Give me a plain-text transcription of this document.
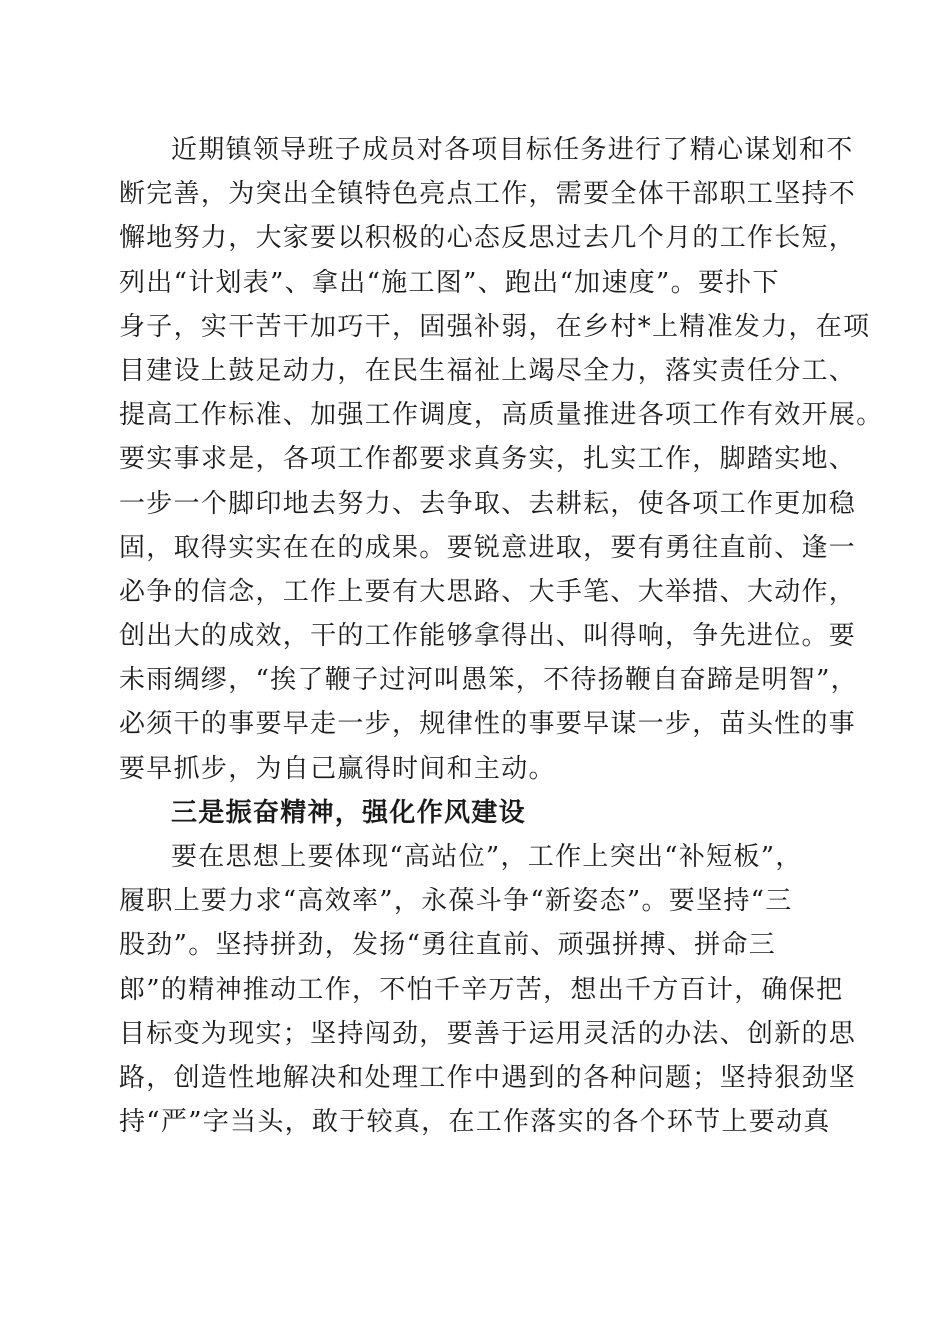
近期镇领导班子成员对各项目标任务进行了精心谋划和不
断完善，为突出全镇特色亮点工作，需要全体干部职工坚持不
懈地努力，大家要以积极的心态反思过去几个月的工作长短，
列出“计划表”、拿出“施工图”、跑出“加速度”。要扑下
身子，实干苦干加巧干，固强补弱，在乡村*上精准发力，在项
目建设上鼓足动力，在民生福祉上竭尽全力，落实责任分工、
提高工作标准、加强工作调度，高质量推进各项工作有效开展。
要实事求是，各项工作都要求真务实，扎实工作，脚踏实地、
一步一个脚印地去努力、去争取、去耕耘，使各项工作更加稳
固，取得实实在在的成果。要锐意进取，要有勇往直前、逢一
必争的信念，工作上要有大思路、大手笔、大举措、大动作，
创出大的成效，干的工作能够拿得出、叫得响，争先进位。要
未雨绸缪，“挨了鞭子过河叫愚笨，不待扬鞭自奋蹄是明智”，
必须干的事要早走一步，规律性的事要早谋一步，苗头性的事
要早抓步，为自己赢得时间和主动。
三是振奋精神，强化作风建设
要在思想上要体现“高站位”，工作上突出“补短板”，
履职上要力求“高效率”，永葆斗争“新姿态”。要坚持“三
股劲”。坚持拼劲，发扬“勇往直前、顽强拼搏、拼命三
郎”的精神推动工作，不怕千辛万苦，想出千方百计，确保把
目标变为现实；坚持闯劲，要善于运用灵活的办法、创新的思
路，创造性地解决和处理工作中遇到的各种问题；坚持狠劲坚
持“严”字当头，敢于较真，在工作落实的各个环节上要动真
